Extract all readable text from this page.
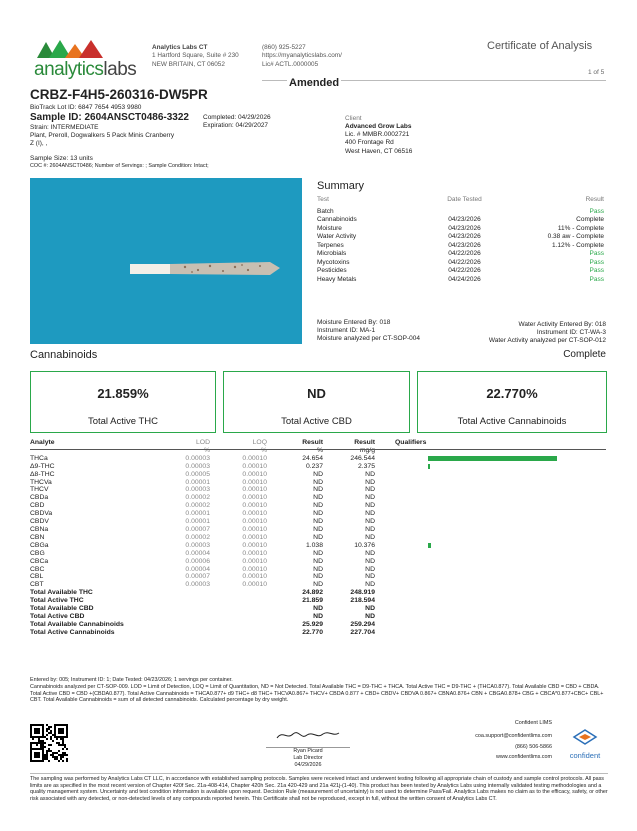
analyticslabs
Analytics Labs CT
1 Hartford Square, Suite # 230
NEW BRITAIN, CT 06052
(860) 925-5227
https://myanalyticslabs.com/
Lic# ACTL.0000005
Certificate of Analysis
1 of 5
Amended
CRBZ-F4H5-260316-DW5PR
BioTrack Lot ID: 6847 7654 4953 9980
Sample ID: 2604ANSCT0486-3322 Completed: 04/29/2026
Expiration: 04/29/2027
Strain: INTERMEDIATE
Plant, Preroll, Dogwalkers 5 Pack Minis Cranberry
Z (I), ,
Sample Size: 13 units
COC #: 2604ANSCT0486; Number of Servings: ; Sample Condition: Intact;
Client
Advanced Grow Labs
Lic. # MMBR.0002721
400 Frontage Rd
West Haven, CT 06516
Summary
Test	Date Tested	Result
Batch	Pass
Cannabinoids	04/23/2026	Complete
Moisture	04/23/2026	11% - Complete
Water Activity	04/23/2026	0.38 aw - Complete
Terpenes	04/23/2026	1.12% - Complete
Microbials	04/22/2026	Pass
Mycotoxins	04/22/2026	Pass
Pesticides	04/22/2026	Pass
Heavy Metals	04/24/2026	Pass
Moisture Entered By: 018
Instrument ID: MA-1
Moisture analyzed per CT-SOP-004
Water Activity Entered By: 018
Instrument ID: CT-WA-3
Water Activity analyzed per CT-SOP-012
Cannabinoids	Complete
21.859%
Total Active THC
ND
Total Active CBD
22.770%
Total Active Cannabinoids
Analyte	LOD	LOQ	Result	Result	Qualifiers
	%	%	%	mg/g	
THCa	0.00003	0.00010	24.654	246.544	

Δ9-THC	0.00003	0.00010	0.237	2.375	

Δ8-THC	0.00005	0.00010	ND	ND	
THCVa	0.00001	0.00010	ND	ND	
THCV	0.00003	0.00010	ND	ND	
CBDa	0.00002	0.00010	ND	ND	
CBD	0.00002	0.00010	ND	ND	
CBDVa	0.00001	0.00010	ND	ND	
CBDV	0.00001	0.00010	ND	ND	
CBNa	0.00007	0.00010	ND	ND	
CBN	0.00002	0.00010	ND	ND	
CBGa	0.00003	0.00010	1.038	10.376	

CBG	0.00004	0.00010	ND	ND	
CBCa	0.00006	0.00010	ND	ND	
CBC	0.00004	0.00010	ND	ND	
CBL	0.00007	0.00010	ND	ND	
CBT	0.00003	0.00010	ND	ND	
Total Available THC			24.892	248.919	
Total Active THC			21.859	218.594	
Total Available CBD			ND	ND	
Total Active CBD			ND	ND	
Total Available Cannabinoids			25.929	259.294	
Total Active Cannabinoids			22.770	227.704	
Entered by: 005; Instrument ID: 1; Date Tested: 04/23/2026; 1 servings per container.
Cannabinoids analyzed per CT-SOP-009. LOD = Limit of Detection, LOQ = Limit of Quantitation, ND = Not Detected. Total Available THC = D9-THC + THCA. Total Active THC = D9-THC + (THCA0.877). Total Available CBD = CBD + CBDA. Total Active CBD = CBD +(CBDA0.877). Total Active Cannabinoids = THCA0.877+ d9 THC+ d8 THC+ THCVA0.867+ THCV+ CBDA 0.877 + CBD+ CBDV+ CBDVA 0.867+ CBNA0.876+ CBN + CBGA0.878+ CBG + CBCA*0.877+CBC+ CBL+ CBT. Total Available Cannabinoids = sum of all detected cannabinoids. Calculated percentage by dry weight.
Ryan Picard
Lab Director
04/29/2026
Confident LIMS
coa.support@confidentlims.com
(866) 506-5866
www.confidentlims.com	confident
The sampling was performed by Analytics Labs CT LLC, in accordance with established sampling protocols. Samples were received intact and underwent testing following all appropriate chain of custody and sample control protocols. All pass limits are as specified in the most recent version of Chapter 420f Sec. 21a-408-414, Chapter 420h Sec. 21a 420-429 and 21a 421j-(1-40). This product has been tested by Analytics Labs using internally validated testing methodologies and a quality management system. Uncertainty and test condition information is available upon request. Decision Rule (measurement of uncertainty) is not used to determine Pass/Fail. Analytics Labs makes no claim as to the efficacy, safety, or other risk associated with any detected, or non-detected levels of any compounds reported herein. This Certificate shall not be reproduced, except in full, without the written consent of Analytics Labs CT.
